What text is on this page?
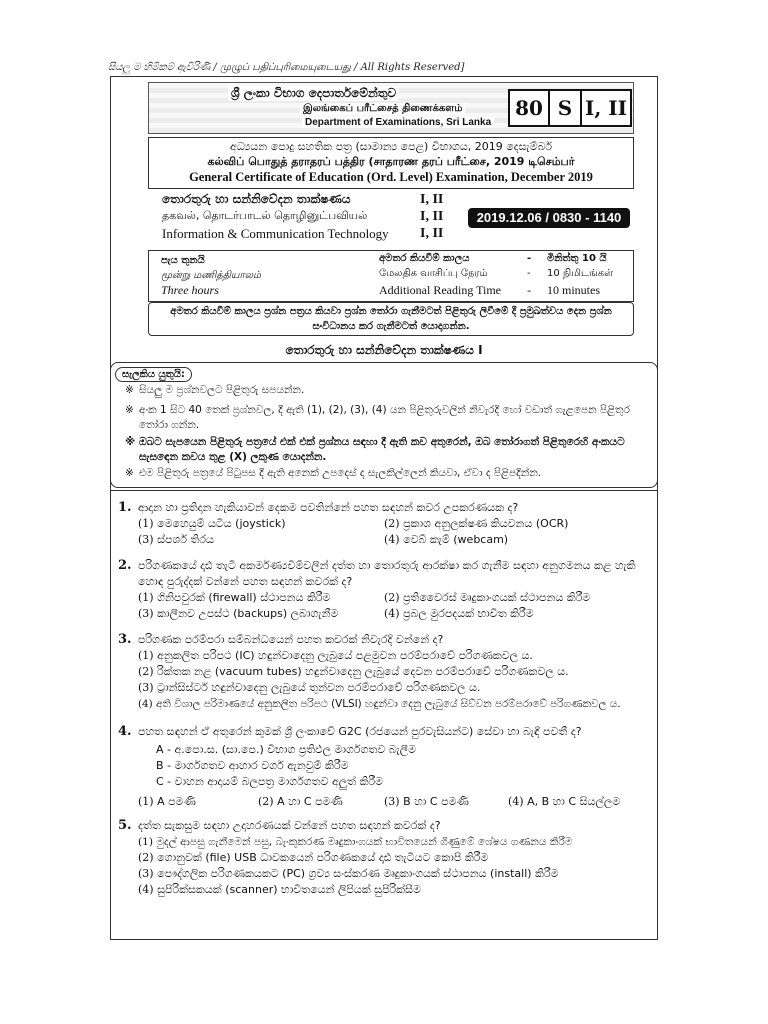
සියලු ම හිමිකම් ඇවිරිණි / முழுப் பதிப்புரிமையுடையது / All Rights Reserved]
ශ්‍රී ලංකා විභාග දෙපාර්තමේන්තුව
இலங்கைப் பரீட்சைத் திணைக்களம்
Department of Examinations, Sri Lanka
80 S I, II
අධ්‍යයන පොදු සහතික පත්‍ර (සාමාන්‍ය පෙළ) විභාගය, 2019 දෙසැම්බර්
கல்விப் பொதுத் தராதரப் பத்திர (சாதாரண தரப் பரீட்சை, 2019 டிசெம்பர்
General Certificate of Education (Ord. Level) Examination, December 2019
තොරතුරු හා සන්නිවේදන තාක්ෂණය	I, II
தகவல், தொடர்பாடல் தொழினுட்பவியல்	I, II
Information & Communication Technology I, II
2019.12.06 / 0830 - 1140
පැය තුනයි
மூன்று மணித்தியாலம்
Three hours
අමතර කියවීම් කාලය	- මිනිත්තු 10 යි
மேலதிக வாசிப்பு நேரம்	- 10 நிமிடங்கள்
Additional Reading Time - 10 minutes
අමතර කියවීම් කාලය ප්‍රශ්න පත්‍රය කියවා ප්‍රශ්න තෝරා ගැනීමටත් පිළිතුරු ලිවීමේ දී ප්‍රමුඛත්වය දෙන ප්‍රශ්න
සංවිධානය කර ගැනීමටත් යොදාගන්න.
තොරතුරු හා සන්නිවේදන තාක්ෂණය I
සැලකිය යුතුයි:
※ සියලු ම ප්‍රශ්නවලට පිළිතුරු සපයන්න.
※ අංක 1 සිට 40 තෙක් ප්‍රශ්නවල, දී ඇති (1), (2), (3), (4) යන පිළිතුරුවලින් නිවැරදි හෝ වඩාත් ගැළපෙන පිළිතුර තෝරා ගන්න.
※ ඔබට සැපයෙන පිළිතුරු පත්‍රයේ එක් එක් ප්‍රශ්නය සඳහා දී ඇති කව අතුරෙන්, ඔබ තෝරාගත් පිළිතුරෙහි අංකයට සැසඳෙන කවය තුළ (X) ලකුණ යොදන්න.
※ එම පිළිතුරු පත්‍රයේ පිටුපස දී ඇති අනෙක් උපදෙස් ද සැලකිල්ලෙන් කියවා, ඒවා ද පිළිපදින්න.
1. ආදාන හා ප්‍රතිදාන හැකියාවන් දෙකම පවතින්නේ පහත සඳහන් කවර උපකරණයක ද?
(1) මෙහෙයුම් යටිය (joystick)	(2) ප්‍රකාශ අනුලක්ෂණ කියවනය (OCR)
(3) ස්පර්ශ තිරය	(4) වෙබ් කැම් (webcam)
2. පරිගණකයේ දෘඪ තැටි අකර්මණ්‍යවීම්වලින් දත්ත හා තොරතුරු ආරක්ෂා කර ගැනීම සඳහා අනුගමනය කළ හැකි හොඳ පුරුද්දක් වන්නේ පහත සඳහන් කවරක් ද?
(1) ගිනිපවුරක් (firewall) ස්ථාපනය කිරීම	(2) ප්‍රතිවෛරස් මෘදුකාංගයක් ස්ථාපනය කිරීම
(3) කාලීනව උපස්ථ (backups) ලබාගැනීම	(4) ප්‍රබල මුරපදයක් භාවිත කිරීම
3. පරිගණක පරම්පරා සම්බන්ධයෙන් පහත කවරක් නිවැරදි වන්නේ ද?
(1) අනුකලිත පරිපථ (IC) හඳුන්වාදෙනු ලැබුයේ පළමුවන පරම්පරාවේ පරිගණකවල ය.
(2) රික්තක නළ (vacuum tubes) හඳුන්වාදෙනු ලැබුයේ දෙවන පරම්පරාවේ පරිගණකවල ය.
(3) ට්‍රාන්සිස්ටර් හඳුන්වාදෙනු ලැබුයේ තුන්වන පරම්පරාවේ පරිගණකවල ය.
(4) අති විශාල පරිමාණයේ අනුකලිත පරිපථ (VLSI) හඳුන්වා දෙනු ලැබුයේ සිව්වන පරම්පරාවේ පරිගණකවල ය.
4. පහත සඳහන් ඒ අතුරෙන් කුමක් ශ්‍රී ලංකාවේ G2C (රජයෙන් පුරවැසියන්ට) සේවා හා බැඳී පවතී ද?
A - අ.පො.ස. (සා.පෙ.) විභාග ප්‍රතිඵල මාර්ගගතව බැලීම
B - මාර්ගගතව ආහාර වර්ග ඇනවුම් කිරීම
C - වාහන ආදායම් බලපත්‍ර මාර්ගගතව අලුත් කිරීම
(1) A පමණි	(2) A හා C පමණි	(3) B හා C පමණි	(4) A, B හා C සියල්ලම
5. දත්ත සැකසුම සඳහා උදාහරණයක් වන්නේ පහත සඳහන් කවරක් ද?
(1) මුදල් ආපසු ගැනීමෙන් පසු, බැංකුකරණ මෘදුකාංගයක් භාවිතයෙන් ගිණුමේ ශේෂය ගණනය කිරීම
(2) ගොනුවක් (file) USB ධාවකයෙන් පරිගණකයේ දෘඪ තැටියට කොපි කිරීම
(3) පෞද්ගලික පරිගණකයකට (PC) ග්‍රව්‍ය සංස්කරණ මෘදුකාංගයක් ස්ථාපනය (install) කිරීම
(4) සුපිරික්සකයක් (scanner) භාවිතයෙන් ලිපියක් සුපිරික්සීම
